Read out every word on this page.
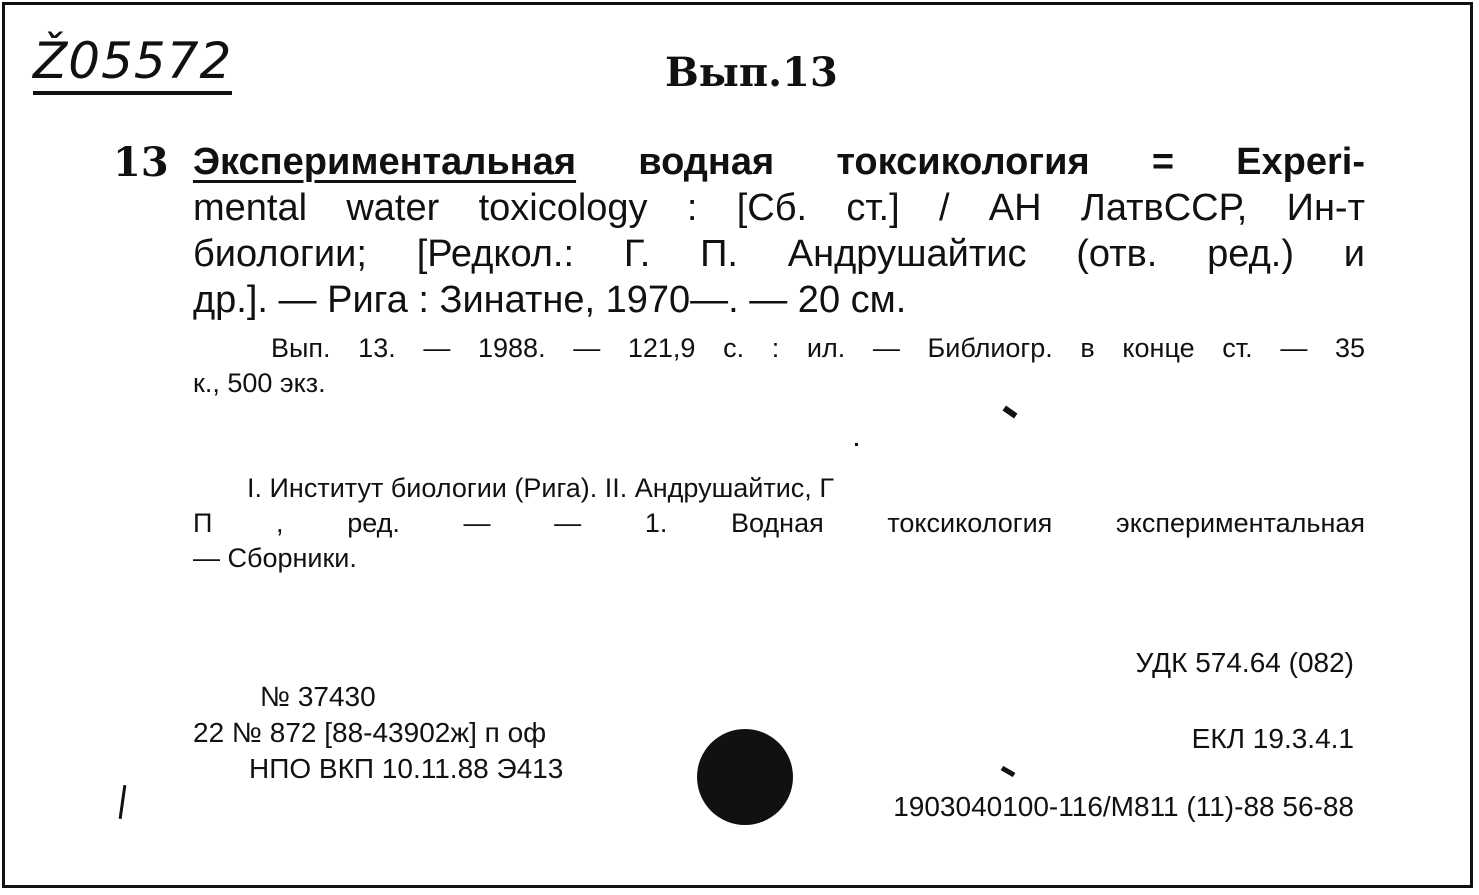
Ž05572	Вып.13
13 Экспериментальная водная токсикология = Experi-
mental water toxicology : [Сб. ст.] / АН ЛатвССР, Ин-т
биологии; [Редкол.: Г. П. Андрушайтис (отв. ред.) и
др.]. — Рига : Зинатне, 1970—. — 20 см.
Вып. 13. — 1988. — 121,9 с. : ил. — Библиогр. в конце ст. — 35
к., 500 экз.
I. Институт биологии (Рига). II. Андрушайтис, Г
П , ред. — — 1. Водная токсикология экспериментальная
— Сборники.
УДК 574.64 (082)
№ 37430
22 № 872 [88-43902ж] п оф
НПО ВКП 10.11.88 Э413
ЕКЛ 19.3.4.1
1903040100-116/М811 (11)-88 56-88
